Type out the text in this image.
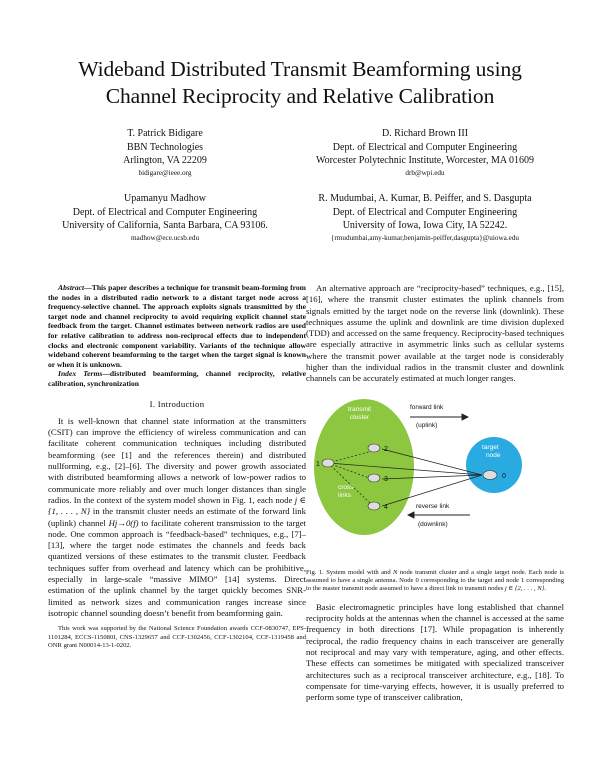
Wideband Distributed Transmit Beamforming using
Channel Reciprocity and Relative Calibration
T. Patrick Bidigare
BBN Technologies
Arlington, VA 22209
bidigare@ieee.org
D. Richard Brown III
Dept. of Electrical and Computer Engineering
Worcester Polytechnic Institute, Worcester, MA 01609
drb@wpi.edu
Upamanyu Madhow
Dept. of Electrical and Computer Engineering
University of California, Santa Barbara, CA 93106.
madhow@ece.ucsb.edu
R. Mudumbai, A. Kumar, B. Peiffer, and S. Dasgupta
Dept. of Electrical and Computer Engineering
University of Iowa, Iowa City, IA 52242.
{rmudumbai,amy-kumar,benjamin-peiffer,dasgupta}@uiowa.edu

Abstract—This paper describes a technique for transmit beam-forming from the nodes in a distributed radio network to a distant target node across a frequency-selective channel. The approach exploits signals transmitted by the target node and channel reciprocity to avoid requiring explicit channel state feedback from the target. Channel estimates between network radios are used for relative calibration to address non-reciprocal effects due to independent clocks and electronic component variability. Variants of the technique allow wideband coherent beamforming to the target when the target signal is known or when it is unknown.

Index Terms—distributed beamforming, channel reciprocity, relative calibration, synchronization

I. Introduction

It is well-known that channel state information at the transmitters (CSIT) can improve the efficiency of wireless communication and can facilitate coherent communication techniques including distributed beamforming (see [1] and the references therein) and distributed nullforming, e.g., [2]–[6]. The diversity and power growth associated with distributed beamforming allows a network of low-power radios to communicate more reliably and over much longer distances than single radios. In the context of the system model shown in Fig. 1, each node j ∈ {1, . . . , N} in the transmit cluster needs an estimate of the forward link (uplink) channel Hj→0(f) to facilitate coherent transmission to the target node. One common approach is “feedback-based” techniques, e.g., [7]–[13], where the target node estimates the channels and feeds back quantized versions of these estimates to the transmit cluster. Feedback techniques suffer from overhead and latency which can be prohibitive, especially in large-scale “massive MIMO” [14] systems. Direct estimation of the uplink channel by the target quickly becomes SNR-limited as network sizes and communication ranges increase since isotropic channel sounding doesn’t benefit from beamforming gain.

This work was supported by the National Science Foundation awards CCF-0830747, EPS-1101284, ECCS-115080I, CNS-1329657 and CCF-1302456, CCF-1302104, CCF-1319458 and ONR grant N00014-13-1-0202.

An alternative approach are “reciprocity-based” techniques, e.g., [15], [16], where the transmit cluster estimates the uplink channels from signals emitted by the target node on the reverse link (downlink). These techniques assume the uplink and downlink are time division duplexed (TDD) and accessed on the same frequency. Reciprocity-based techniques are especially attractive in asymmetric links such as cellular systems where the transmit power available at the target node is considerably higher than the individual radios in the transmit cluster and downlink channels can be accurately estimated at much longer ranges.

transmit
cluster
target
node
forward link
(uplink)
reverse link
(downlink)
cross
links
1
2
3
4
0

Fig. 1. System model with and N node transmit cluster and a single target node. Each node is assumed to have a single antenna. Node 0 corresponding to the target and node 1 corresponding to the master transmit node assumed to have a direct link to transmit nodes j ∈ {2, . . . , N}.

Basic electromagnetic principles have long established that channel reciprocity holds at the antennas when the channel is accessed at the same frequency in both directions [17]. While propagation is inherently reciprocal, the radio frequency chains in each transceiver are generally not reciprocal and may vary with temperature, aging, and other effects. These effects can sometimes be mitigated with specialized transceiver architectures such as a reciprocal transceiver architecture, e.g., [18]. To compensate for time-varying effects, however, it is usually preferred to perform some type of transceiver calibration,
